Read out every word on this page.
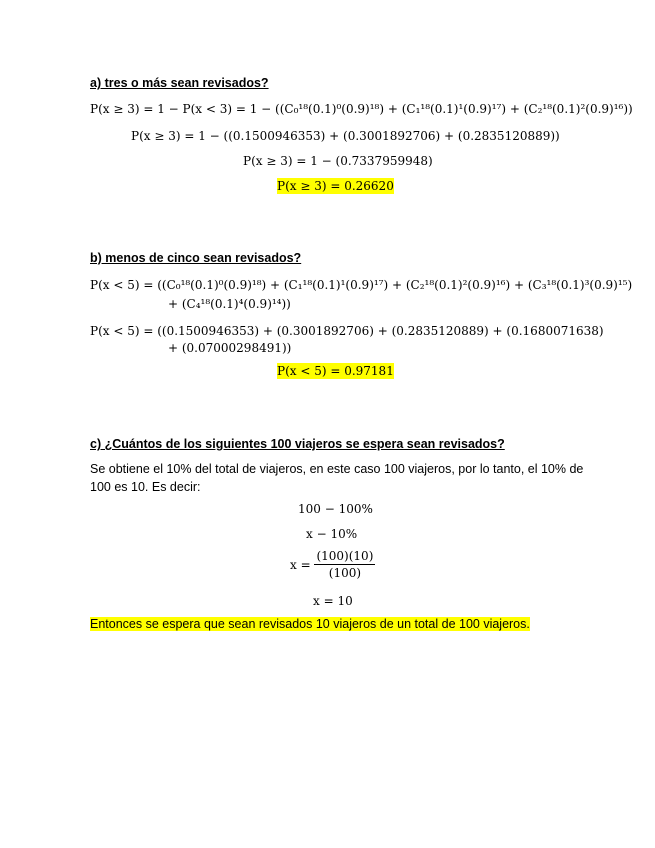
a) tres o más sean revisados?
P(x ≥ 3) = 1 − P(x < 3) = 1 − ((C₀¹⁸(0.1)⁰(0.9)¹⁸) + (C₁¹⁸(0.1)¹(0.9)¹⁷) + (C₂¹⁸(0.1)²(0.9)¹⁶))
P(x ≥ 3) = 1 − ((0.1500946353) + (0.3001892706) + (0.2835120889))
P(x ≥ 3) = 1 − (0.7337959948)
P(x ≥ 3) = 0.26620
b) menos de cinco sean revisados?
P(x < 5) = ((C₀¹⁸(0.1)⁰(0.9)¹⁸) + (C₁¹⁸(0.1)¹(0.9)¹⁷) + (C₂¹⁸(0.1)²(0.9)¹⁶) + (C₃¹⁸(0.1)³(0.9)¹⁵)
+ (C₄¹⁸(0.1)⁴(0.9)¹⁴))
P(x < 5) = ((0.1500946353) + (0.3001892706) + (0.2835120889) + (0.1680071638)
+ (0.07000298491))
P(x < 5) = 0.97181
c) ¿Cuántos de los siguientes 100 viajeros se espera sean revisados?
Se obtiene el 10% del total de viajeros, en este caso 100 viajeros, por lo tanto, el 10% de 100 es 10. Es decir:
100 − 100%
x − 10%
$x = \frac{(100)(10)}{(100)}$
x = 10
Entonces se espera que sean revisados 10 viajeros de un total de 100 viajeros.
